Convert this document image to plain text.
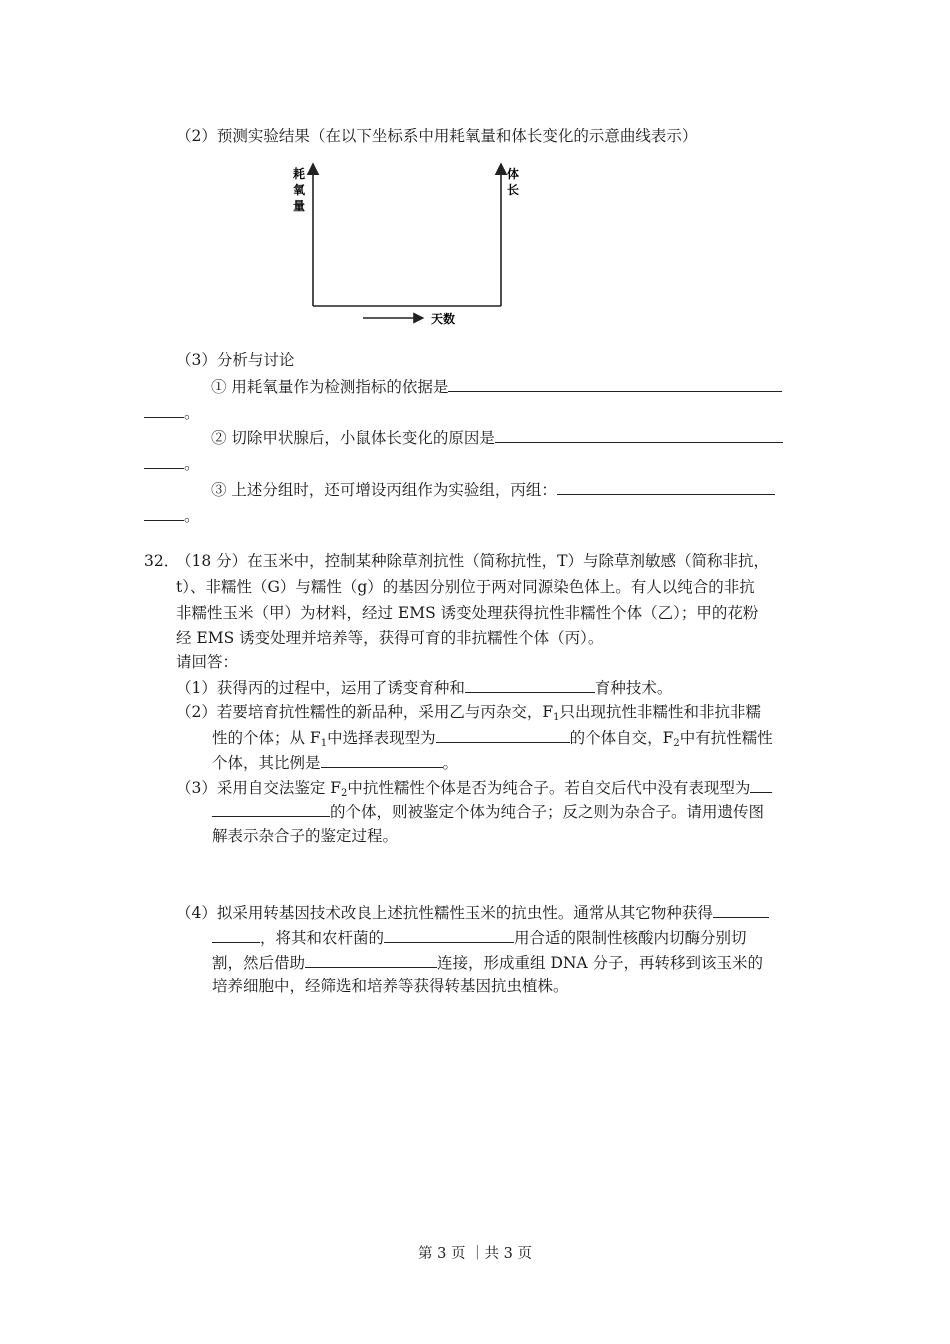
（2）预测实验结果（在以下坐标系中用耗氧量和体长变化的示意曲线表示）
耗
氧
量
体
长
天数
（3）分析与讨论
① 用耗氧量作为检测指标的依据是
。
② 切除甲状腺后，小鼠体长变化的原因是
。
③ 上述分组时，还可增设丙组作为实验组，丙组：
。
32．
（18 分）在玉米中，控制某种除草剂抗性（简称抗性，T）与除草剂敏感（简称非抗，
t）、非糯性（G）与糯性（g）的基因分别位于两对同源染色体上。有人以纯合的非抗
非糯性玉米（甲）为材料，经过 EMS 诱变处理获得抗性非糯性个体（乙）；甲的花粉
经 EMS 诱变处理并培养等，获得可育的非抗糯性个体（丙）。
请回答：
（1）获得丙的过程中，运用了诱变育种和	育种技术。
（2）若要培育抗性糯性的新品种，采用乙与丙杂交，$F_1$只出现抗性非糯性和非抗非糯
性的个体；从 $F_1$中选择表现型为	的个体自交，$F_2$中有抗性糯性
个体，其比例是	。
（3）采用自交法鉴定 $F_2$中抗性糯性个体是否为纯合子。若自交后代中没有表现型为
的个体，则被鉴定个体为纯合子；反之则为杂合子。请用遗传图
解表示杂合子的鉴定过程。
（4）拟采用转基因技术改良上述抗性糯性玉米的抗虫性。通常从其它物种获得
，将其和农杆菌的	用合适的限制性核酸内切酶分别切
割，然后借助	连接，形成重组 DNA 分子，再转移到该玉米的
培养细胞中，经筛选和培养等获得转基因抗虫植株。
第 3 页 ｜共 3 页
